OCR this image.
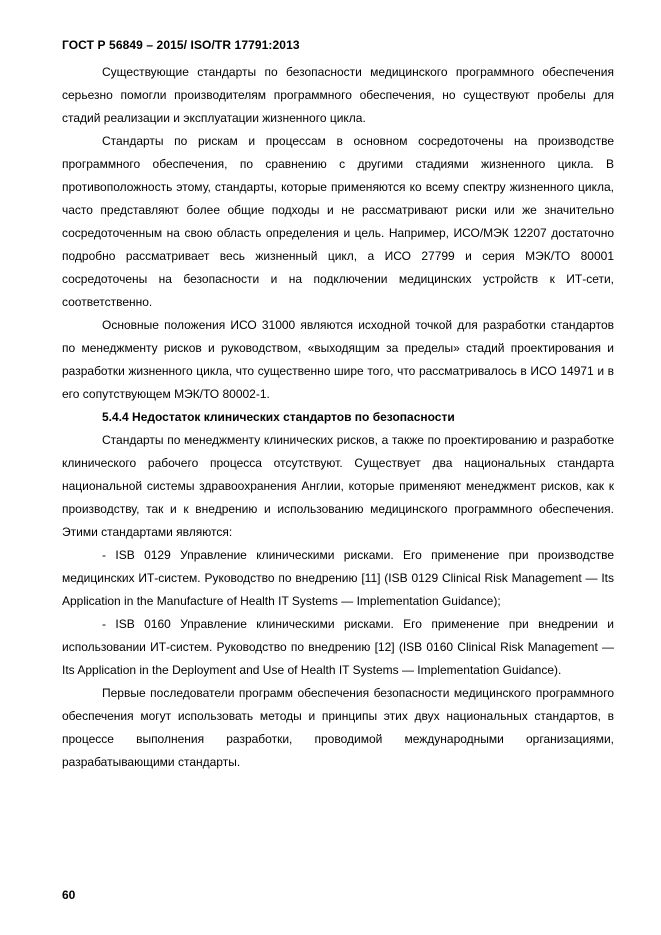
ГОСТ Р 56849 – 2015/ ISO/TR 17791:2013

Существующие стандарты по безопасности медицинского программного обеспечения серьезно помогли производителям программного обеспечения, но существуют пробелы для стадий реализации и эксплуатации жизненного цикла.

Стандарты по рискам и процессам в основном сосредоточены на производстве программного обеспечения, по сравнению с другими стадиями жизненного цикла. В противоположность этому, стандарты, которые применяются ко всему спектру жизненного цикла, часто представляют более общие подходы и не рассматривают риски или же значительно сосредоточенным на свою область определения и цель. Например, ИСО/МЭК 12207 достаточно подробно рассматривает весь жизненный цикл, а ИСО 27799 и серия МЭК/ТО 80001 сосредоточены на безопасности и на подключении медицинских устройств к ИТ-сети, соответственно.

Основные положения ИСО 31000 являются исходной точкой для разработки стандартов по менеджменту рисков и руководством, «выходящим за пределы» стадий проектирования и разработки жизненного цикла, что существенно шире того, что рассматривалось в ИСО 14971 и в его сопутствующем МЭК/ТО 80002-1.

5.4.4 Недостаток клинических стандартов по безопасности

Стандарты по менеджменту клинических рисков, а также по проектированию и разработке клинического рабочего процесса отсутствуют. Существует два национальных стандарта национальной системы здравоохранения Англии, которые применяют менеджмент рисков, как к производству, так и к внедрению и использованию медицинского программного обеспечения. Этими стандартами являются:

- ISB 0129 Управление клиническими рисками. Его применение при производстве медицинских ИТ-систем. Руководство по внедрению [11] (ISB 0129 Clinical Risk Management — Its Application in the Manufacture of Health IT Systems — Implementation Guidance);

- ISB 0160 Управление клиническими рисками. Его применение при внедрении и использовании ИТ-систем. Руководство по внедрению [12] (ISB 0160 Clinical Risk Management — Its Application in the Deployment and Use of Health IT Systems — Implementation Guidance).

Первые последователи программ обеспечения безопасности медицинского программного обеспечения могут использовать методы и принципы этих двух национальных стандартов, в процессе выполнения разработки, проводимой международными организациями, разрабатывающими стандарты.

60
